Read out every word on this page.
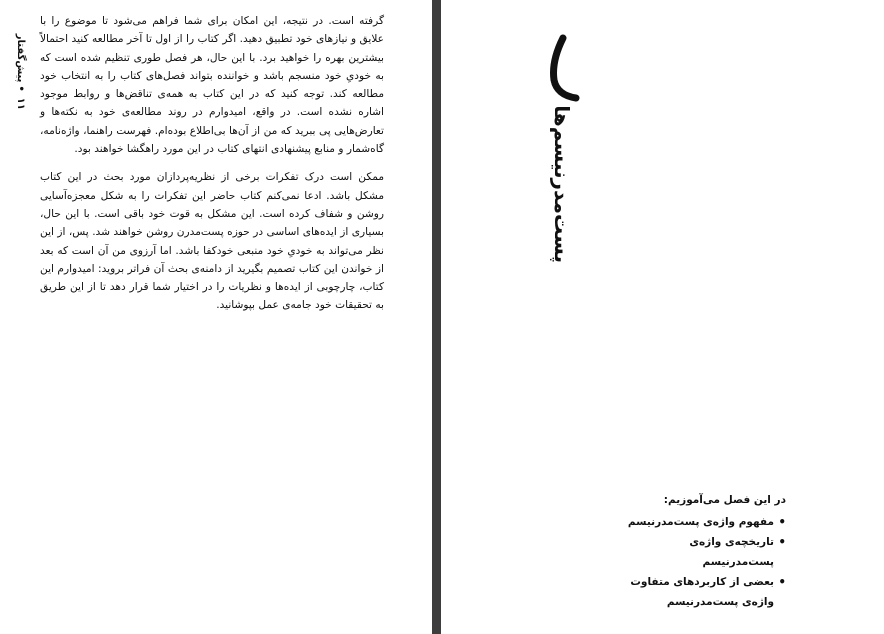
۱۱•پیش‌گفتار

گرفته است. در نتیجه، این امکان برای شما فراهم می‌شود تا موضوع را با علایق و نیازهای خود تطبیق دهید. اگر کتاب را از اول تا آخر مطالعه کنید احتمالاً بیشترین بهره را خواهید برد. با این حال، هر فصل طوری تنظیم شده است که به خودیِ خود منسجم باشد و خواننده بتواند فصل‌های کتاب را به انتخاب خود مطالعه کند. توجه کنید که در این کتاب به همه‌ی تناقض‌ها و روابط موجود اشاره نشده است. در واقع، امیدوارم در روند مطالعه‌ی خود به نکته‌ها و تعارض‌هایی پی ببرید که من از آن‌ها بی‌اطلاع بوده‌ام. فهرست راهنما، واژه‌نامه، گاه‌شمار و منابع پیشنهادی انتهای کتاب در این مورد راهگشا خواهند بود.

ممکن است درک تفکرات برخی از نظریه‌پردازان مورد بحث در این کتاب مشکل باشد. ادعا نمی‌کنم کتاب حاضر این تفکرات را به شکل معجزه‌آسایی روشن و شفاف کرده است. این مشکل به قوت خود باقی است. با این حال، بسیاری از ایده‌های اساسی در حوزه پست‌مدرن روشن خواهند شد. پس، از این نظر می‌تواند به خودیِ خود منبعی خودکفا باشد. اما آرزوی من آن است که بعد از خواندن این کتاب تصمیم بگیرید از دامنه‌ی بحث آن فراتر بروید: امیدوارم این کتاب، چارچوبی از ایده‌ها و نظریات را در اختیار شما قرار دهد تا از این طریق به تحقیقات خود جامه‌ی عمل بپوشانید.

پست‌مدرنیسم‌ها
در این فصل می‌آموزیم:
• مفهوم واژه‌ی پست‌مدرنیسم
• تاریخچه‌ی واژه‌ی پست‌مدرنیسم
• بعضی از کاربردهای متفاوت
واژه‌ی پست‌مدرنیسم
